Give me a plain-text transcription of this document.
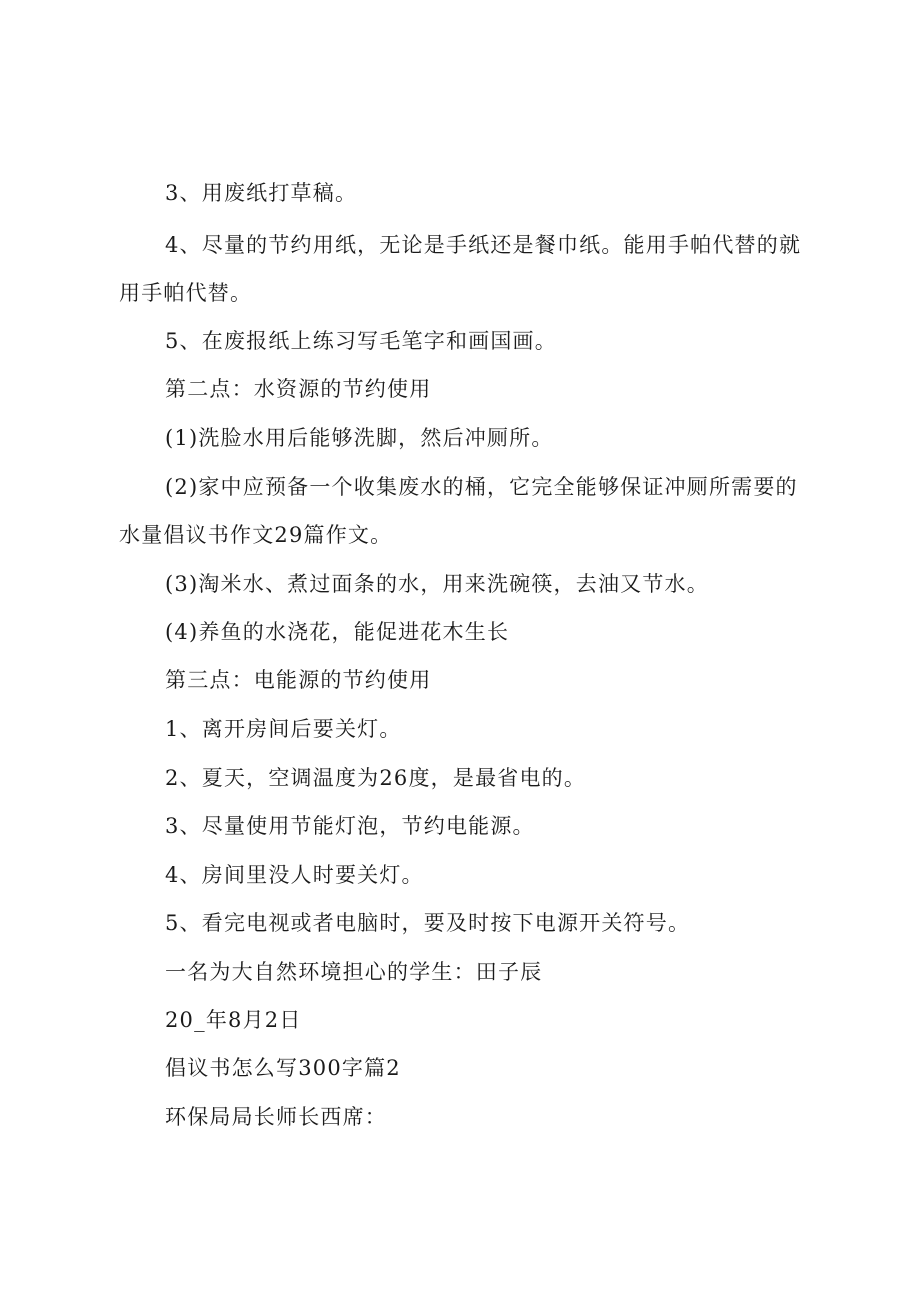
3、用废纸打草稿。

4、尽量的节约用纸，无论是手纸还是餐巾纸。能用手帕代替的就用手帕代替。

5、在废报纸上练习写毛笔字和画国画。

第二点：水资源的节约使用

(1)洗脸水用后能够洗脚，然后冲厕所。

(2)家中应预备一个收集废水的桶，它完全能够保证冲厕所需要的水量倡议书作文29篇作文。

(3)淘米水、煮过面条的水，用来洗碗筷，去油又节水。

(4)养鱼的水浇花，能促进花木生长

第三点：电能源的节约使用

1、离开房间后要关灯。

2、夏天，空调温度为26度，是最省电的。

3、尽量使用节能灯泡，节约电能源。

4、房间里没人时要关灯。

5、看完电视或者电脑时，要及时按下电源开关符号。

一名为大自然环境担心的学生：田子辰

20_年8月2日

倡议书怎么写300字篇2

环保局局长师长西席：
